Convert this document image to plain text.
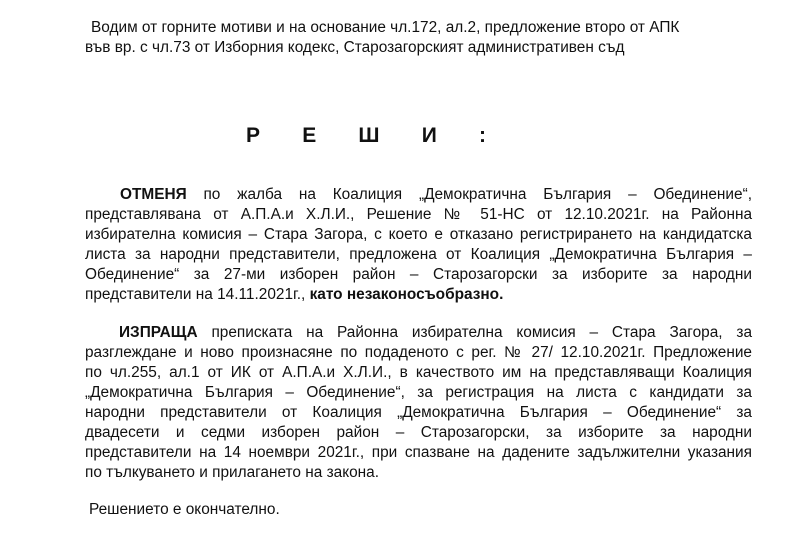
Водим от горните мотиви и на основание чл.172, ал.2, предложение второ от АПК
във вр. с чл.73 от Изборния кодекс, Старозагорският административен съд
Р Е Ш И :
ОТМЕНЯ по жалба на Коалиция „Демократична България – Обединение“,
представлявана от А.П.А.и Х.Л.И., Решение № 51-НС от 12.10.2021г. на Районна
избирателна комисия – Стара Загора, с което е отказано регистрирането на кандидатска
листа за народни представители, предложена от Коалиция „Демократична България –
Обединение“ за 27-ми изборен район – Старозагорски за изборите за народни
представители на 14.11.2021г., като незаконосъобразно.
ИЗПРАЩА преписката на Районна избирателна комисия – Стара Загора, за
разглеждане и ново произнасяне по подаденото с рег. № 27/ 12.10.2021г. Предложение
по чл.255, ал.1 от ИК от А.П.А.и Х.Л.И., в качеството им на представляващи Коалиция
„Демократична България – Обединение“, за регистрация на листа с кандидати за
народни представители от Коалиция „Демократична България – Обединение“ за
двадесети и седми изборен район – Старозагорски, за изборите за народни
представители на 14 ноември 2021г., при спазване на дадените задължителни указания
по тълкуването и прилагането на закона.
Решението е окончателно.
